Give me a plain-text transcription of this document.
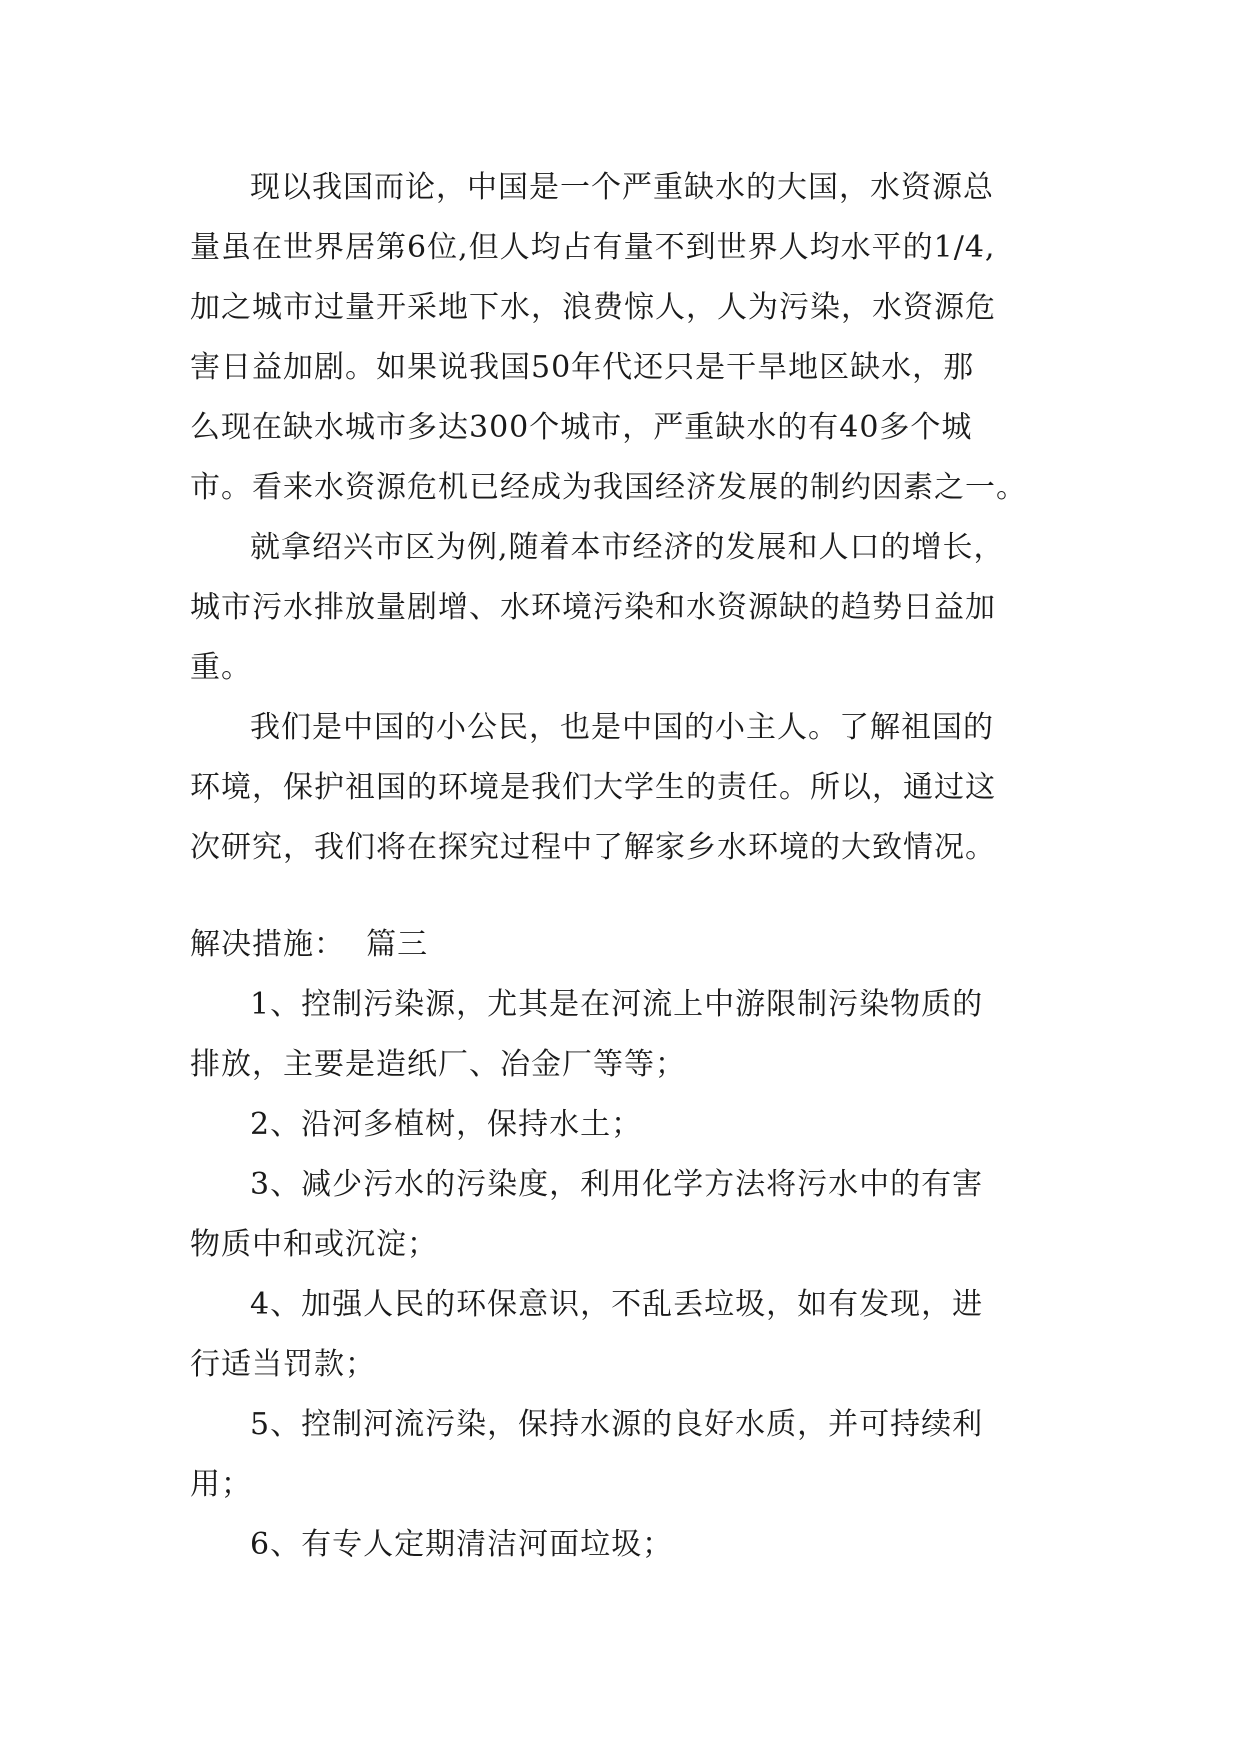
现以我国而论，中国是一个严重缺水的大国，水资源总
量虽在世界居第6位,但人均占有量不到世界人均水平的1/4,
加之城市过量开采地下水，浪费惊人，人为污染，水资源危
害日益加剧。如果说我国50年代还只是干旱地区缺水，那
么现在缺水城市多达300个城市，严重缺水的有40多个城
市。看来水资源危机已经成为我国经济发展的制约因素之一。
就拿绍兴市区为例,随着本市经济的发展和人口的增长，
城市污水排放量剧增、水环境污染和水资源缺的趋势日益加
重。
我们是中国的小公民，也是中国的小主人。了解祖国的
环境，保护祖国的环境是我们大学生的责任。所以，通过这
次研究，我们将在探究过程中了解家乡水环境的大致情况。
解决措施：  篇三
1、控制污染源，尤其是在河流上中游限制污染物质的
排放，主要是造纸厂、冶金厂等等；
2、沿河多植树，保持水土；
3、减少污水的污染度，利用化学方法将污水中的有害
物质中和或沉淀；
4、加强人民的环保意识，不乱丢垃圾，如有发现，进
行适当罚款；
5、控制河流污染，保持水源的良好水质，并可持续利
用；
6、有专人定期清洁河面垃圾；
